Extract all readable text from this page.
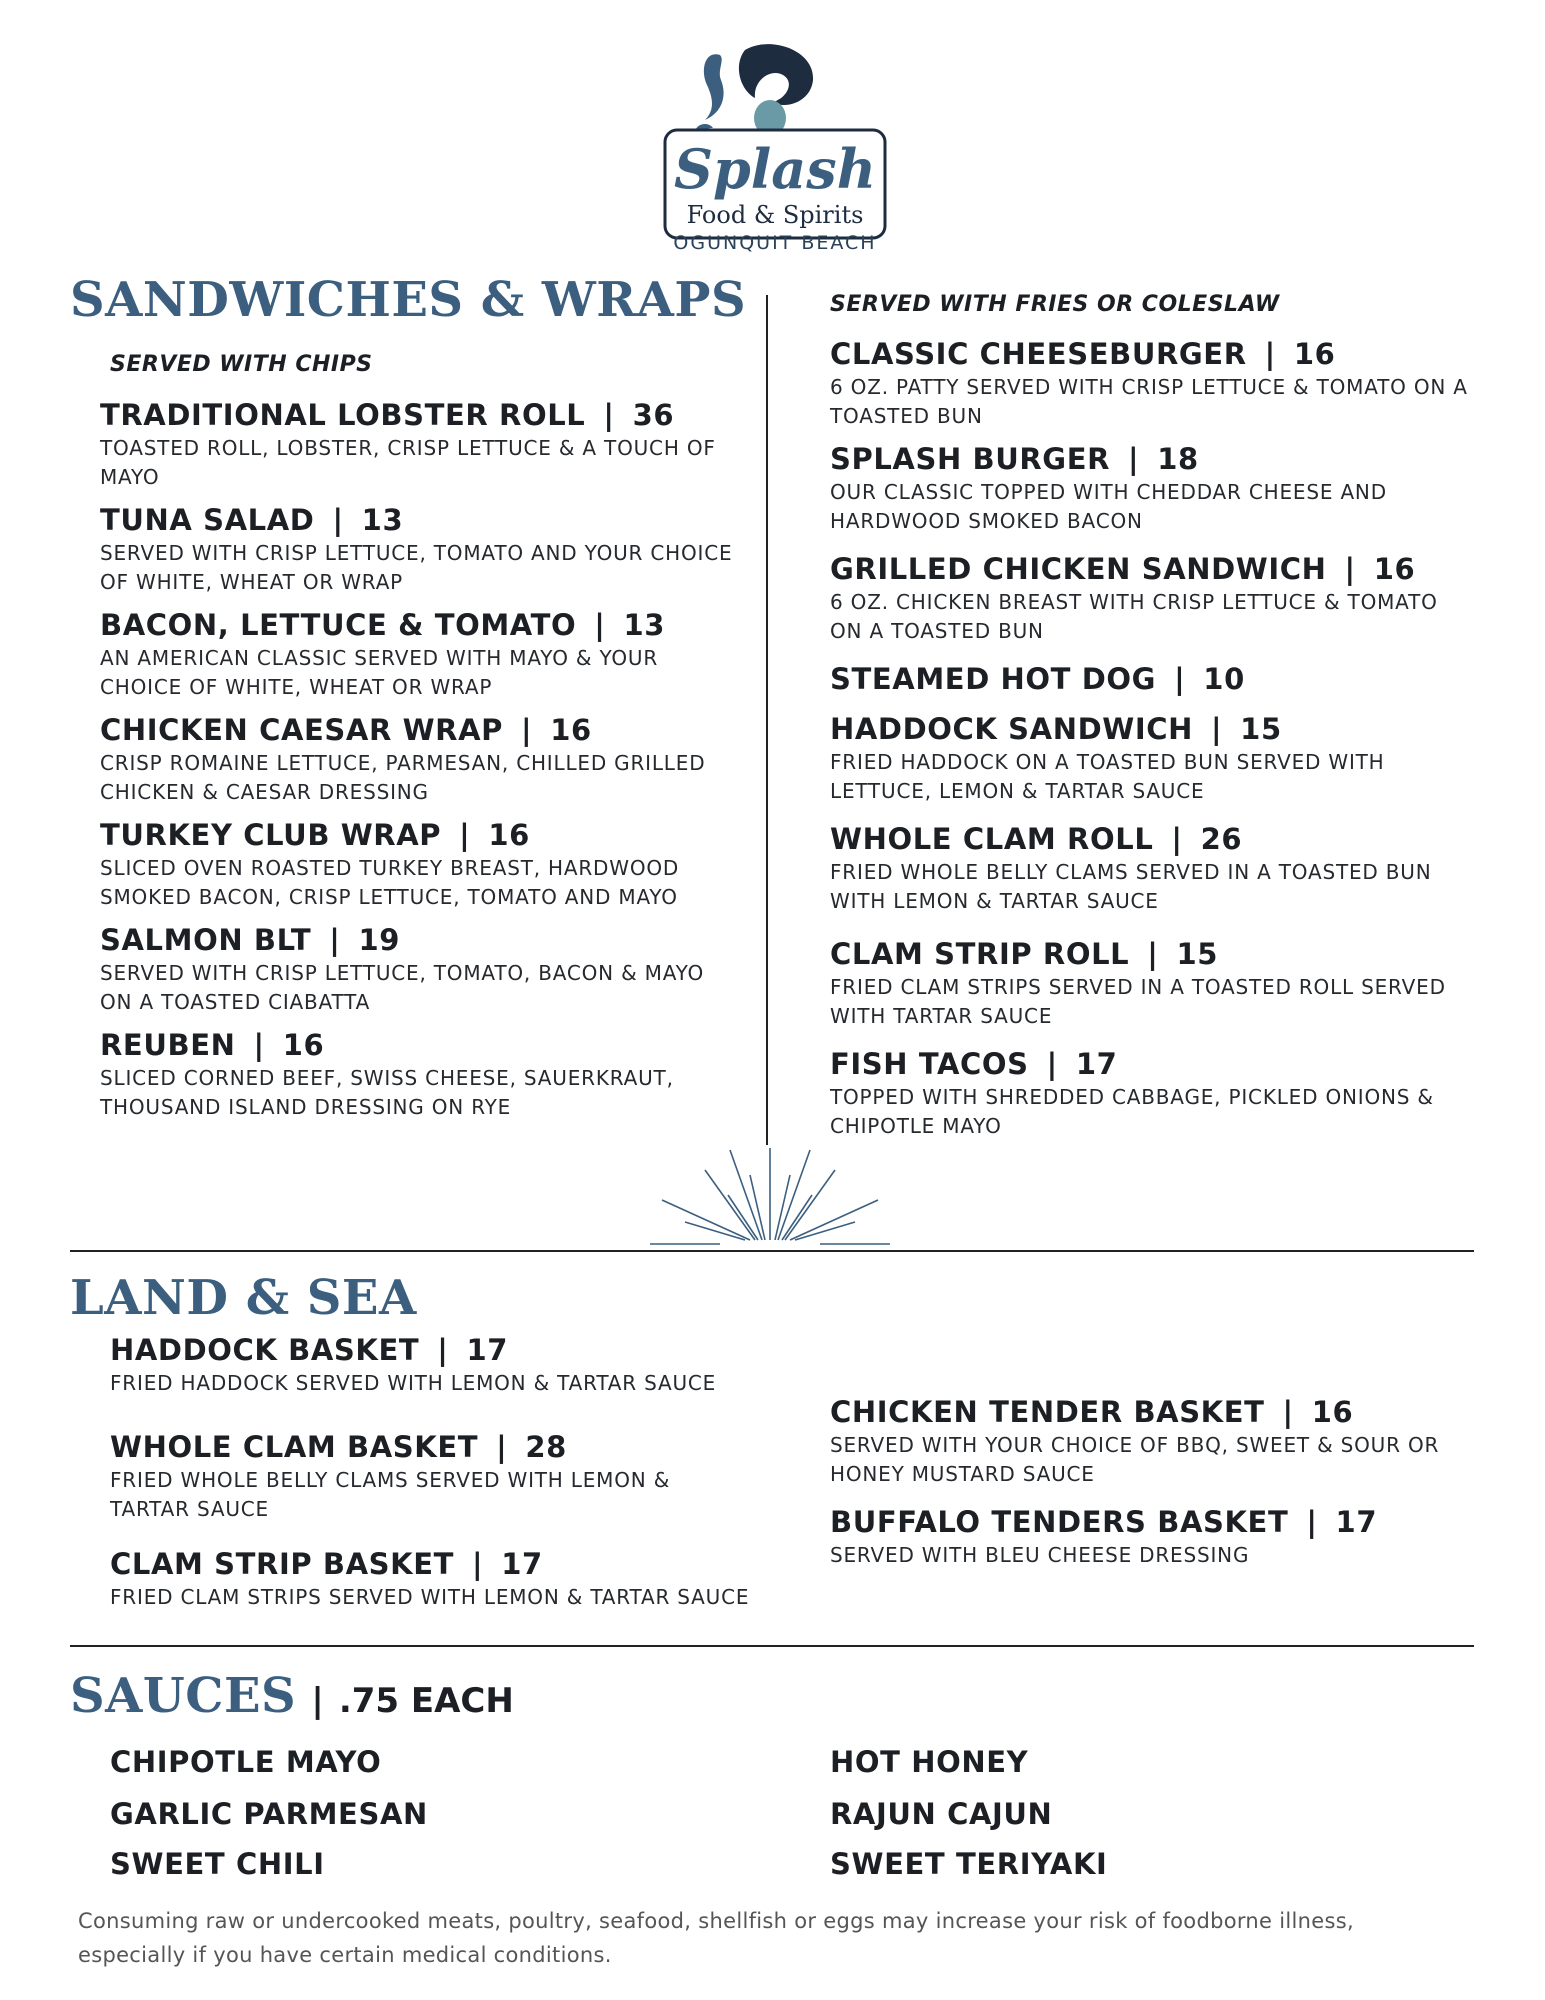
Splash
Food & Spirits
OGUNQUIT BEACH
SANDWICHES & WRAPS
SERVED WITH CHIPS
SERVED WITH FRIES OR COLESLAW
TRADITIONAL LOBSTER ROLL | 36
TOASTED ROLL, LOBSTER, CRISP LETTUCE & A TOUCH OF MAYO
TUNA SALAD | 13
SERVED WITH CRISP LETTUCE, TOMATO AND YOUR CHOICE OF WHITE, WHEAT OR WRAP
BACON, LETTUCE & TOMATO | 13
AN AMERICAN CLASSIC SERVED WITH MAYO & YOUR CHOICE OF WHITE, WHEAT OR WRAP
CHICKEN CAESAR WRAP | 16
CRISP ROMAINE LETTUCE, PARMESAN, CHILLED GRILLED CHICKEN & CAESAR DRESSING
TURKEY CLUB WRAP | 16
SLICED OVEN ROASTED TURKEY BREAST, HARDWOOD SMOKED BACON, CRISP LETTUCE, TOMATO AND MAYO
SALMON BLT | 19
SERVED WITH CRISP LETTUCE, TOMATO, BACON & MAYO ON A TOASTED CIABATTA
REUBEN | 16
SLICED CORNED BEEF, SWISS CHEESE, SAUERKRAUT, THOUSAND ISLAND DRESSING ON RYE
CLASSIC CHEESEBURGER | 16
6 OZ. PATTY SERVED WITH CRISP LETTUCE & TOMATO ON A TOASTED BUN
SPLASH BURGER | 18
OUR CLASSIC TOPPED WITH CHEDDAR CHEESE AND HARDWOOD SMOKED BACON
GRILLED CHICKEN SANDWICH | 16
6 OZ. CHICKEN BREAST WITH CRISP LETTUCE & TOMATO ON A TOASTED BUN
STEAMED HOT DOG | 10
HADDOCK SANDWICH | 15
FRIED HADDOCK ON A TOASTED BUN SERVED WITH LETTUCE, LEMON & TARTAR SAUCE
WHOLE CLAM ROLL | 26
FRIED WHOLE BELLY CLAMS SERVED IN A TOASTED BUN WITH LEMON & TARTAR SAUCE
CLAM STRIP ROLL | 15
FRIED CLAM STRIPS SERVED IN A TOASTED ROLL SERVED WITH TARTAR SAUCE
FISH TACOS | 17
TOPPED WITH SHREDDED CABBAGE, PICKLED ONIONS & CHIPOTLE MAYO
LAND & SEA
HADDOCK BASKET | 17
FRIED HADDOCK SERVED WITH LEMON & TARTAR SAUCE
WHOLE CLAM BASKET | 28
FRIED WHOLE BELLY CLAMS SERVED WITH LEMON & TARTAR SAUCE
CLAM STRIP BASKET | 17
FRIED CLAM STRIPS SERVED WITH LEMON & TARTAR SAUCE
CHICKEN TENDER BASKET | 16
SERVED WITH YOUR CHOICE OF BBQ, SWEET & SOUR OR HONEY MUSTARD SAUCE
BUFFALO TENDERS BASKET | 17
SERVED WITH BLEU CHEESE DRESSING
SAUCES | .75 EACH
CHIPOTLE MAYO
GARLIC PARMESAN
SWEET CHILI
HOT HONEY
RAJUN CAJUN
SWEET TERIYAKI
Consuming raw or undercooked meats, poultry, seafood, shellfish or eggs may increase your risk of foodborne illness, especially if you have certain medical conditions.
